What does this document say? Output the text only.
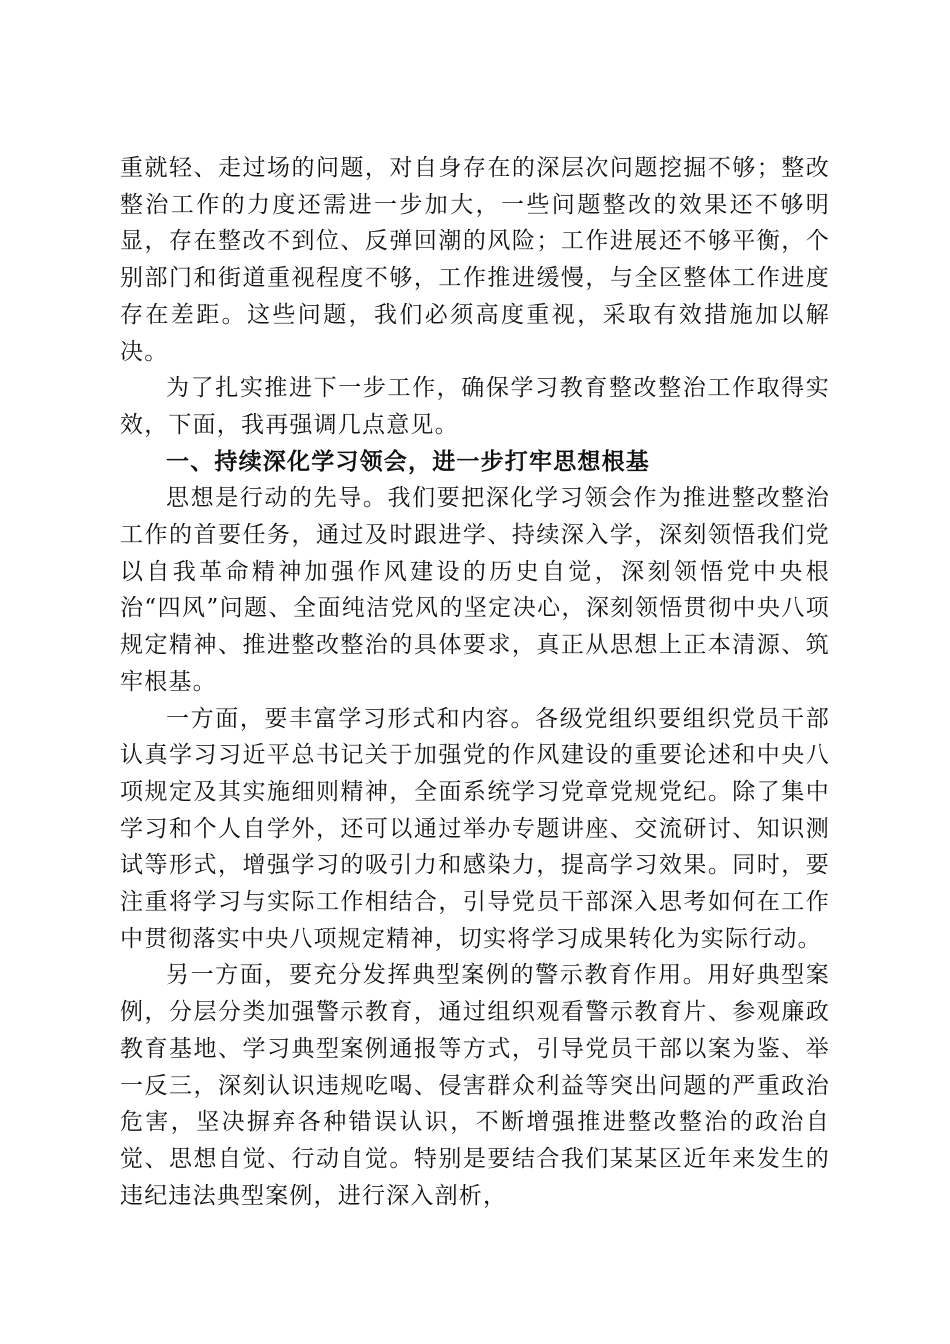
重就轻、走过场的问题，对自身存在的深层次问题挖掘不够；整改整治工作的力度还需进一步加大，一些问题整改的效果还不够明显，存在整改不到位、反弹回潮的风险；工作进展还不够平衡，个别部门和街道重视程度不够，工作推进缓慢，与全区整体工作进度存在差距。这些问题，我们必须高度重视，采取有效措施加以解决。

为了扎实推进下一步工作，确保学习教育整改整治工作取得实效，下面，我再强调几点意见。

一、持续深化学习领会，进一步打牢思想根基

思想是行动的先导。我们要把深化学习领会作为推进整改整治工作的首要任务，通过及时跟进学、持续深入学，深刻领悟我们党以自我革命精神加强作风建设的历史自觉，深刻领悟党中央根治“四风”问题、全面纯洁党风的坚定决心，深刻领悟贯彻中央八项规定精神、推进整改整治的具体要求，真正从思想上正本清源、筑牢根基。

一方面，要丰富学习形式和内容。各级党组织要组织党员干部认真学习习近平总书记关于加强党的作风建设的重要论述和中央八项规定及其实施细则精神，全面系统学习党章党规党纪。除了集中学习和个人自学外，还可以通过举办专题讲座、交流研讨、知识测试等形式，增强学习的吸引力和感染力，提高学习效果。同时，要注重将学习与实际工作相结合，引导党员干部深入思考如何在工作中贯彻落实中央八项规定精神，切实将学习成果转化为实际行动。

另一方面，要充分发挥典型案例的警示教育作用。用好典型案例，分层分类加强警示教育，通过组织观看警示教育片、参观廉政教育基地、学习典型案例通报等方式，引导党员干部以案为鉴、举一反三，深刻认识违规吃喝、侵害群众利益等突出问题的严重政治危害，坚决摒弃各种错误认识，不断增强推进整改整治的政治自觉、思想自觉、行动自觉。特别是要结合我们某某区近年来发生的违纪违法典型案例，进行深入剖析，
